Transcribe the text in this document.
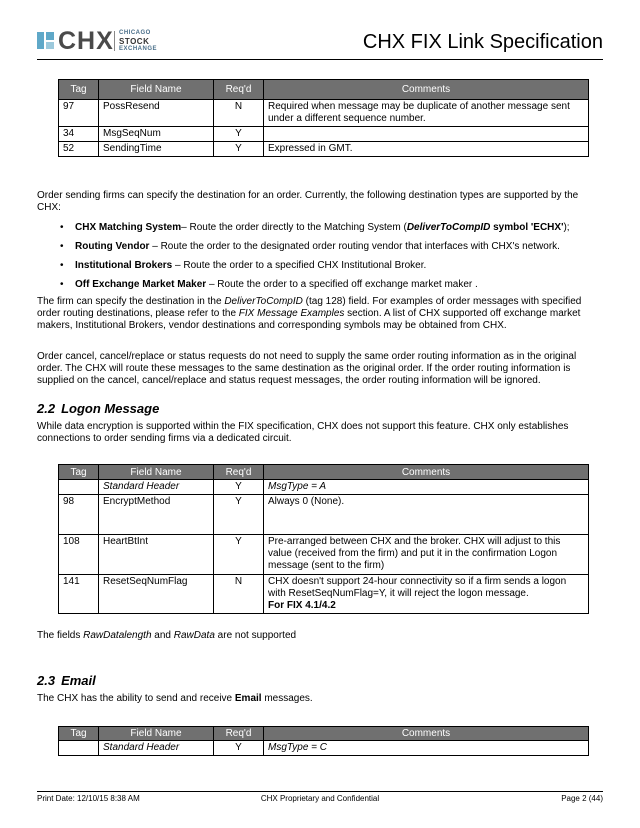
CHX CHICAGO
STOCK
EXCHANGE	CHX FIX Link Specification
Tag	Field Name	Req'd	Comments
97	PossResend	N	Required when message may be duplicate of another message sent under a different sequence number.
34	MsgSeqNum	Y	
52	SendingTime	Y	Expressed in GMT.
Order sending firms can specify the destination for an order. Currently, the following destination types are supported by the CHX:
• CHX Matching System– Route the order directly to the Matching System (DeliverToCompID symbol 'ECHX');
• Routing Vendor – Route the order to the designated order routing vendor that interfaces with CHX's network.
• Institutional Brokers – Route the order to a specified CHX Institutional Broker.
• Off Exchange Market Maker – Route the order to a specified off exchange market maker .
The firm can specify the destination in the DeliverToCompID (tag 128) field. For examples of order messages with specified order routing destinations, please refer to the FIX Message Examples section. A list of CHX supported off exchange market makers, Institutional Brokers, vendor destinations and corresponding symbols may be obtained from CHX.
Order cancel, cancel/replace or status requests do not need to supply the same order routing information as in the original order. The CHX will route these messages to the same destination as the original order. If the order routing information is supplied on the cancel, cancel/replace and status request messages, the order routing information will be ignored.
2.2 Logon Message
While data encryption is supported within the FIX specification, CHX does not support this feature. CHX only establishes connections to order sending firms via a dedicated circuit.
Tag	Field Name	Req'd	Comments
	Standard Header	Y	MsgType = A
98	EncryptMethod	Y	Always 0 (None).
108	HeartBtInt	Y	Pre-arranged between CHX and the broker. CHX will adjust to this value (received from the firm) and put it in the confirmation Logon message (sent to the firm)
141	ResetSeqNumFlag	N	CHX doesn't support 24-hour connectivity so if a firm sends a logon with ResetSeqNumFlag=Y, it will reject the logon message.
For FIX 4.1/4.2
The fields RawDatalength and RawData are not supported
2.3 Email
The CHX has the ability to send and receive Email messages.
Tag	Field Name	Req'd	Comments
	Standard Header	Y	MsgType = C
Print Date: 12/10/15 8:38 AM	CHX Proprietary and Confidential	Page 2 (44)
